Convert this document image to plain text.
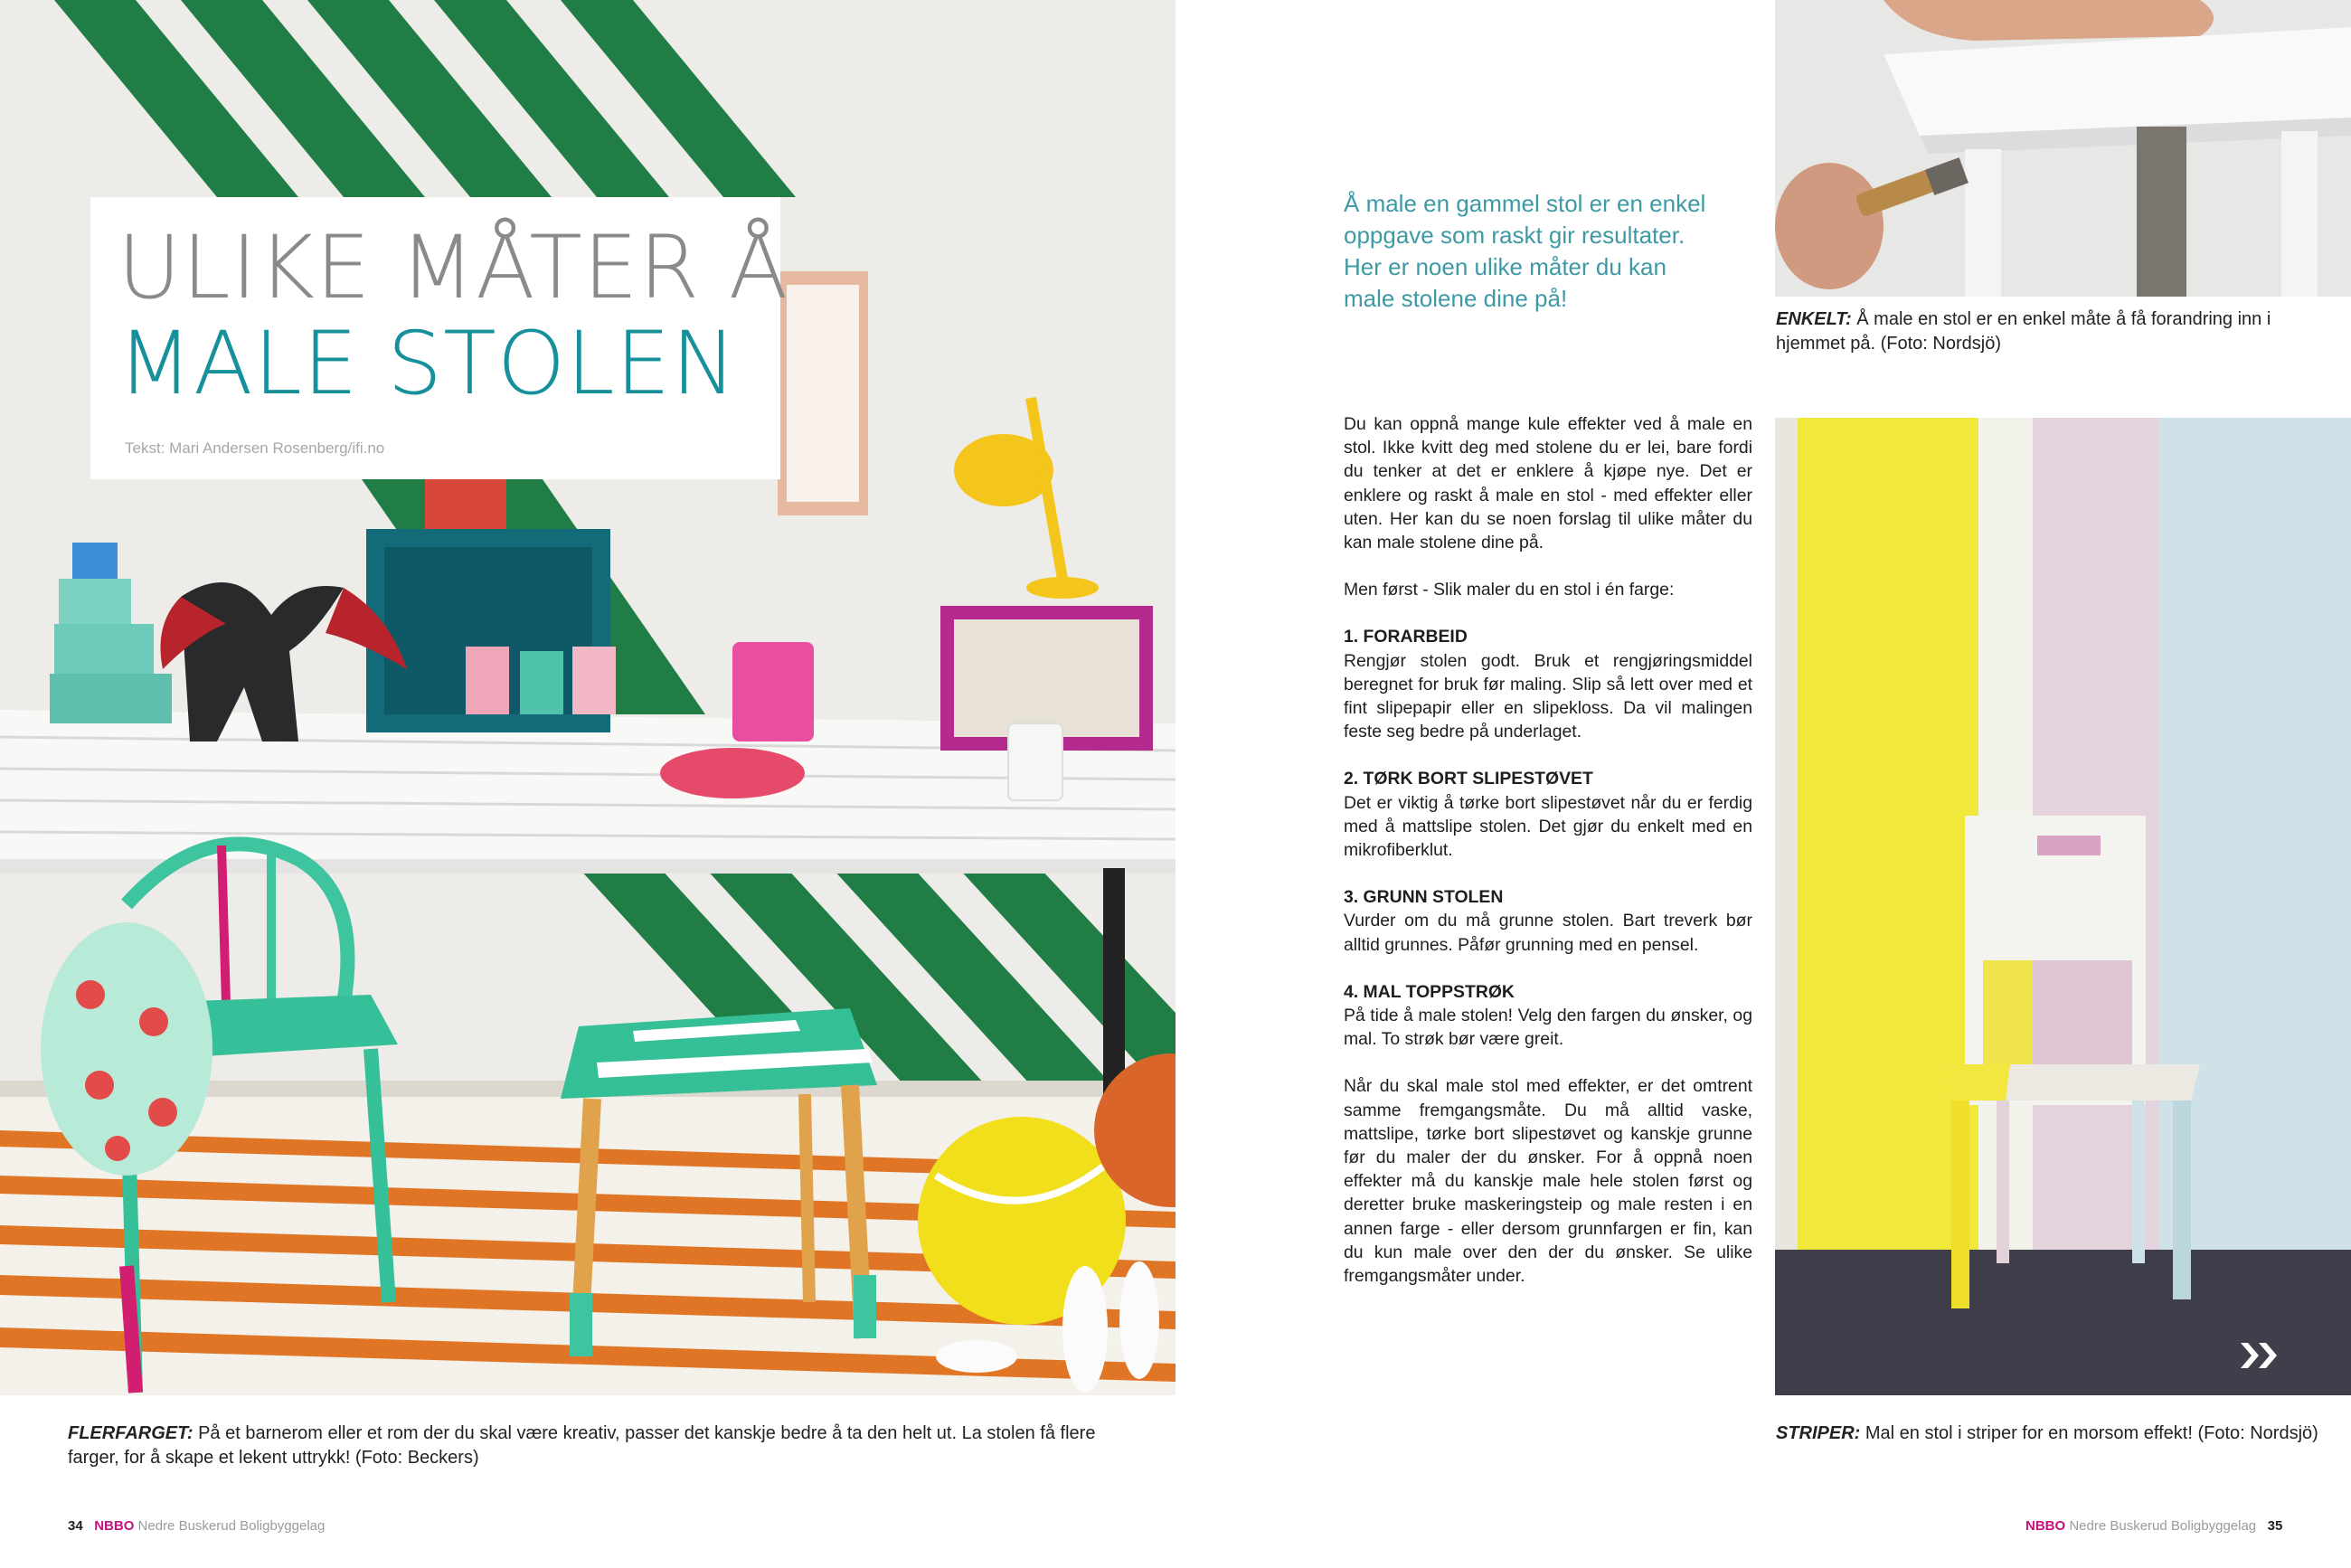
ULIKE MÅTER Å
MALE STOLEN
Tekst: Mari Andersen Rosenberg/ifi.no
FLERFARGET: På et barnerom eller et rom der du skal være kreativ, passer det kanskje bedre å ta den helt ut. La stolen få flere farger, for å skape et lekent uttrykk! (Foto: Beckers)
34 NBBO Nedre Buskerud Boligbyggelag
Å male en gammel stol er en enkel oppgave som raskt gir resultater. Her er noen ulike måter du kan male stolene dine på!

Du kan oppnå mange kule effekter ved å male en stol. Ikke kvitt deg med stolene du er lei, bare fordi du tenker at det er enklere å kjøpe nye. Det er enklere og raskt å male en stol - med effekter eller uten. Her kan du se noen forslag til ulike måter du kan male stolene dine på.

Men først - Slik maler du en stol i én farge:

1. FORARBEID
Rengjør stolen godt. Bruk et rengjøringsmiddel beregnet for bruk før maling. Slip så lett over med et fint slipepapir eller en slipekloss. Da vil malingen feste seg bedre på underlaget.
2. TØRK BORT SLIPESTØVET
Det er viktig å tørke bort slipestøvet når du er ferdig med å mattslipe stolen. Det gjør du enkelt med en mikrofiberklut.
3. GRUNN STOLEN
Vurder om du må grunne stolen. Bart treverk bør alltid grunnes. Påfør grunning med en pensel.
4. MAL TOPPSTRØK
På tide å male stolen! Velg den fargen du ønsker, og mal. To strøk bør være greit.

Når du skal male stol med effekter, er det omtrent samme fremgangsmåte. Du må alltid vaske, mattslipe, tørke bort slipestøvet og kanskje grunne før du maler der du ønsker. For å oppnå noen effekter må du kanskje male hele stolen først og deretter bruke maskeringsteip og male resten i en annen farge - eller dersom grunnfargen er fin, kan du kun male over den der du ønsker. Se ulike fremgangsmåter under.

ENKELT: Å male en stol er en enkel måte å få forandring inn i hjemmet på. (Foto: Nordsjö)
STRIPER: Mal en stol i striper for en morsom effekt! (Foto: Nordsjö)
NBBO Nedre Buskerud Boligbyggelag 35
